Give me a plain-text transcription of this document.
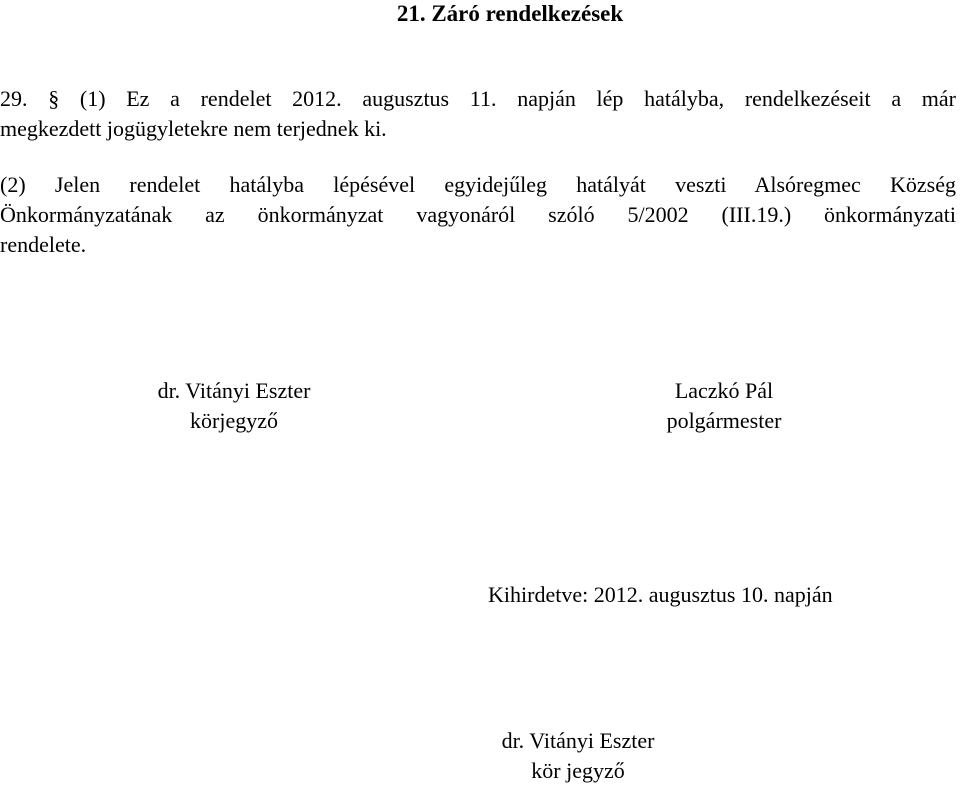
21. Záró rendelkezések
29. § (1) Ez a rendelet 2012. augusztus 11. napján lép hatályba, rendelkezéseit a már
megkezdett jogügyletekre nem terjednek ki.
(2) Jelen rendelet hatályba lépésével egyidejűleg hatályát veszti Alsóregmec Község
Önkormányzatának az önkormányzat vagyonáról szóló 5/2002 (III.19.) önkormányzati
rendelete.
dr. Vitányi Eszter
körjegyző
Laczkó Pál
polgármester
Kihirdetve: 2012. augusztus 10. napján
dr. Vitányi Eszter
kör jegyző
